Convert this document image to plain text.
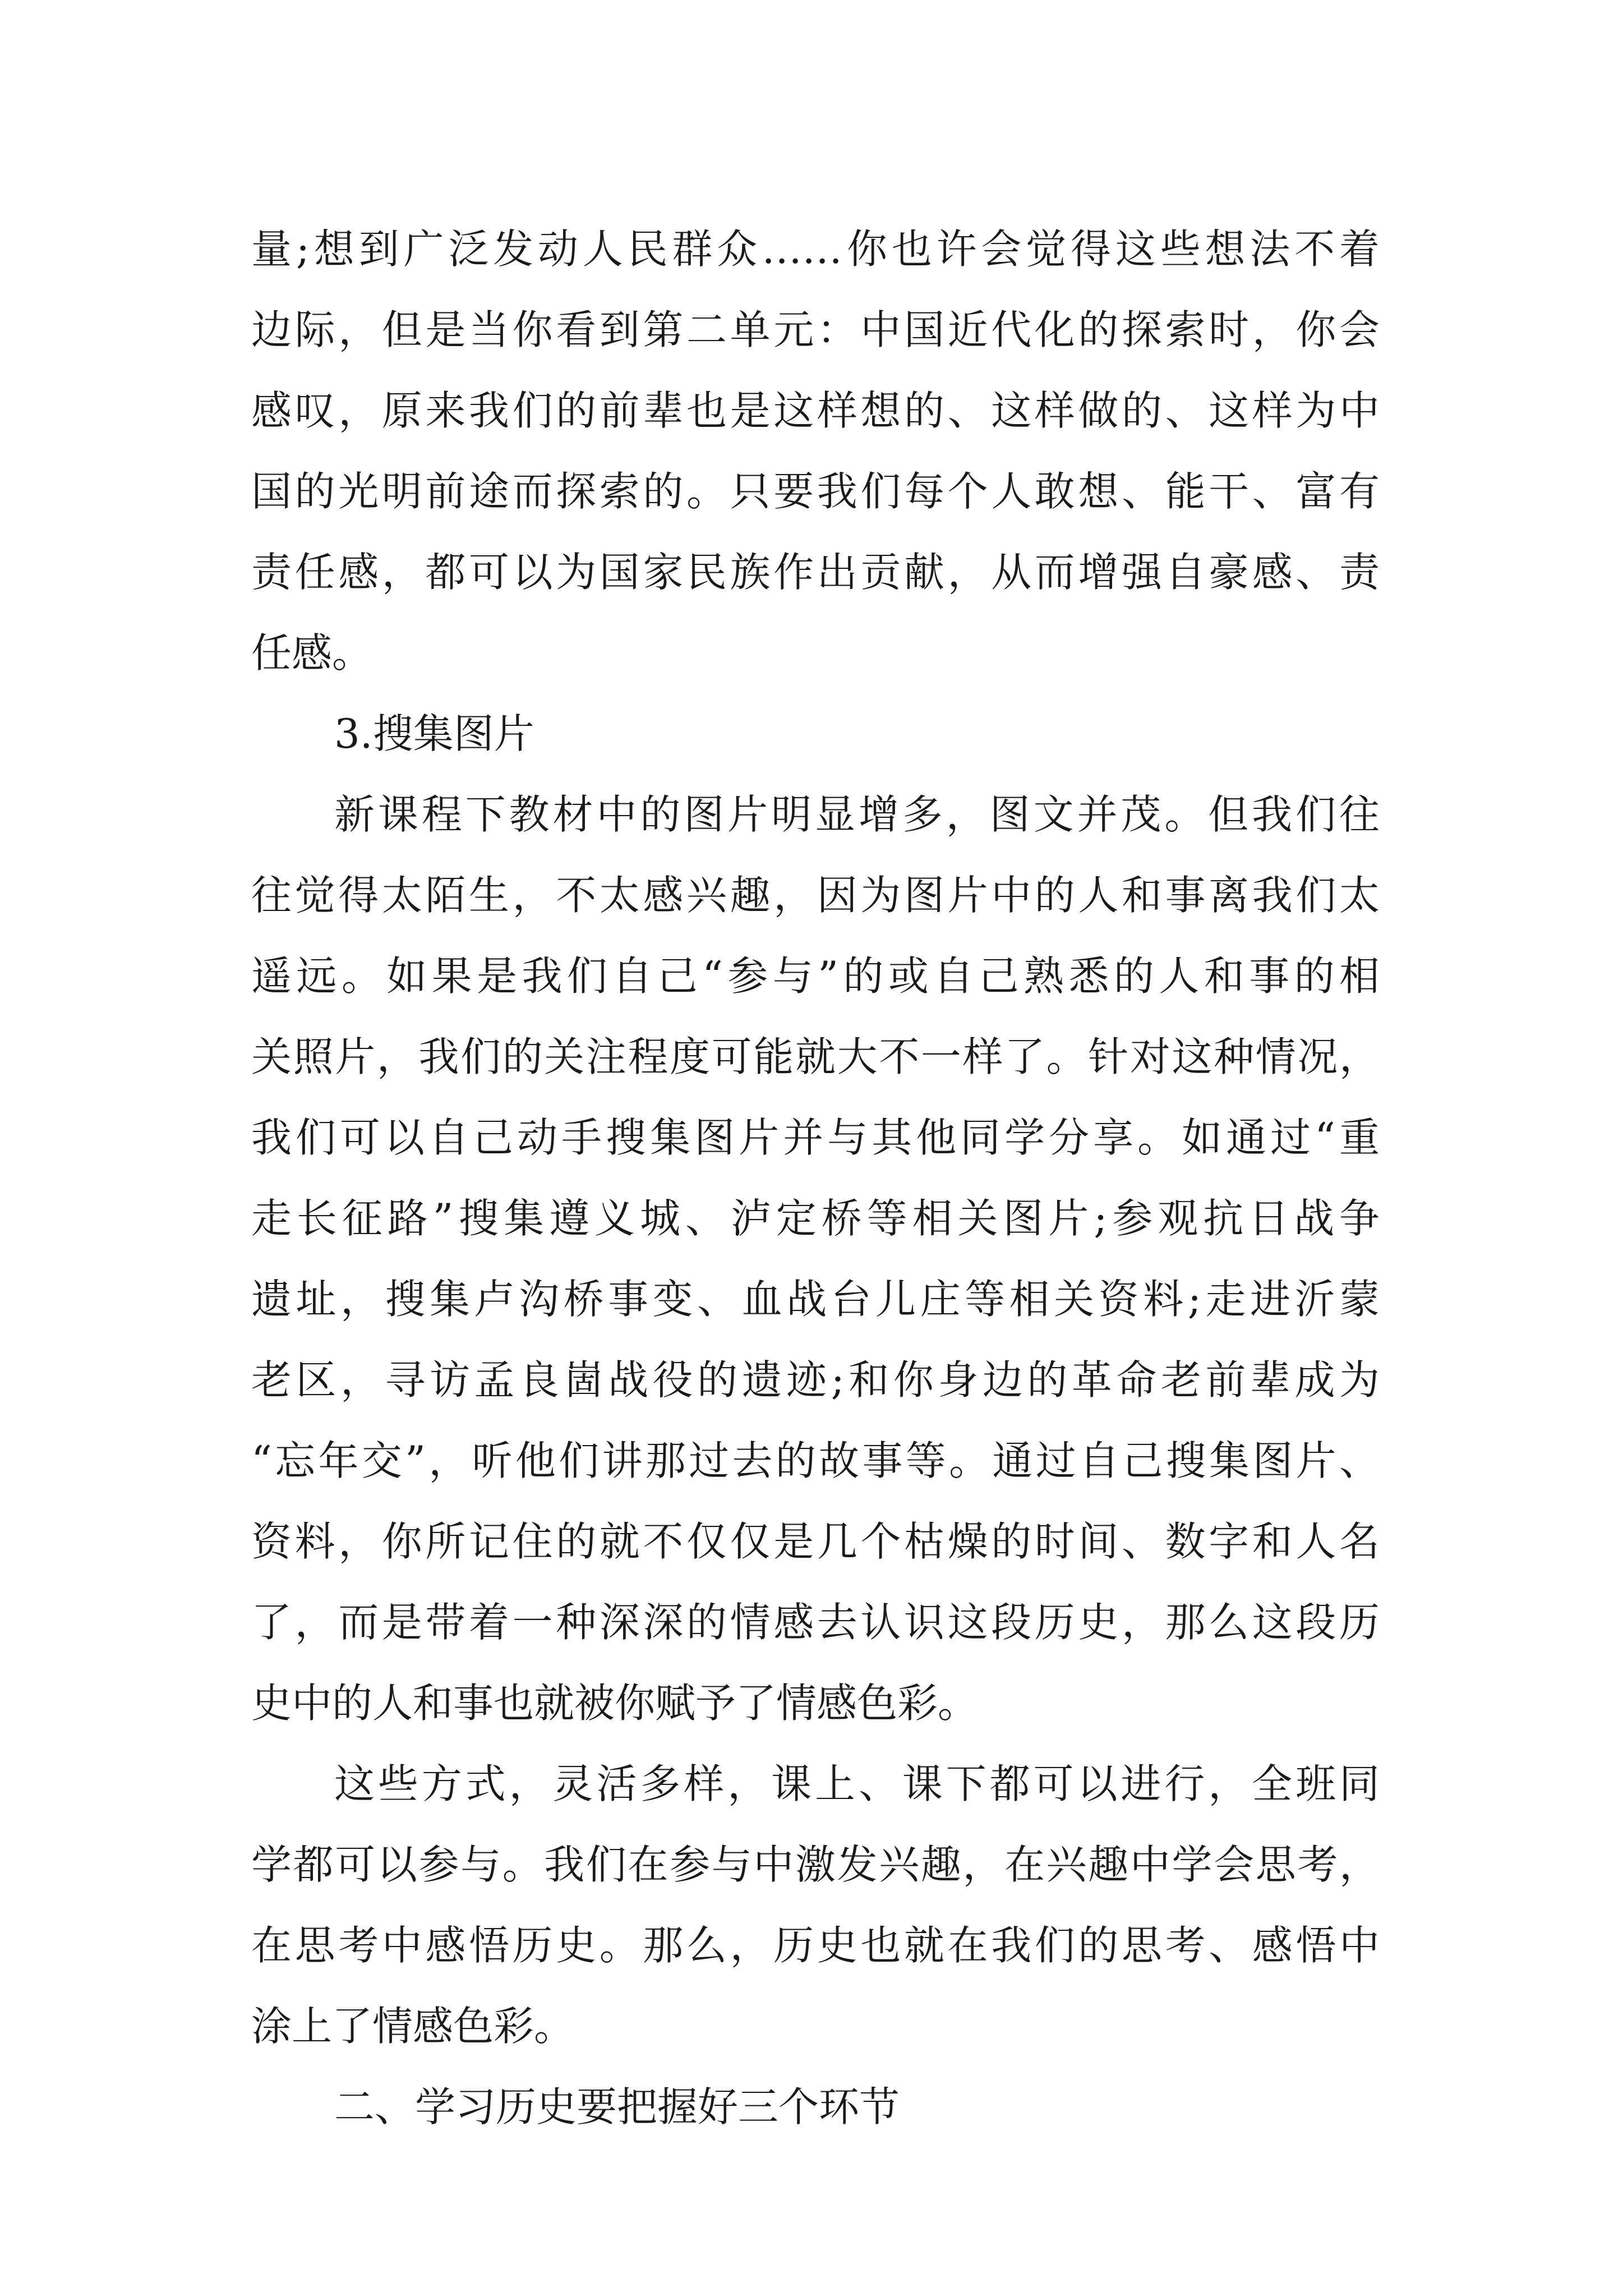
量;想到广泛发动人民群众……你也许会觉得这些想法不着
边际，但是当你看到第二单元：中国近代化的探索时，你会
感叹，原来我们的前辈也是这样想的、这样做的、这样为中
国的光明前途而探索的。只要我们每个人敢想、能干、富有
责任感，都可以为国家民族作出贡献，从而增强自豪感、责
任感。
3.搜集图片
新课程下教材中的图片明显增多，图文并茂。但我们往
往觉得太陌生，不太感兴趣，因为图片中的人和事离我们太
遥远。如果是我们自己“参与”的或自己熟悉的人和事的相
关照片，我们的关注程度可能就大不一样了。针对这种情况，
我们可以自己动手搜集图片并与其他同学分享。如通过“重
走长征路”搜集遵义城、泸定桥等相关图片;参观抗日战争
遗址，搜集卢沟桥事变、血战台儿庄等相关资料;走进沂蒙
老区，寻访孟良崮战役的遗迹;和你身边的革命老前辈成为
“忘年交”，听他们讲那过去的故事等。通过自己搜集图片、
资料，你所记住的就不仅仅是几个枯燥的时间、数字和人名
了，而是带着一种深深的情感去认识这段历史，那么这段历
史中的人和事也就被你赋予了情感色彩。
这些方式，灵活多样，课上、课下都可以进行，全班同
学都可以参与。我们在参与中激发兴趣，在兴趣中学会思考，
在思考中感悟历史。那么，历史也就在我们的思考、感悟中
涂上了情感色彩。
二、学习历史要把握好三个环节
